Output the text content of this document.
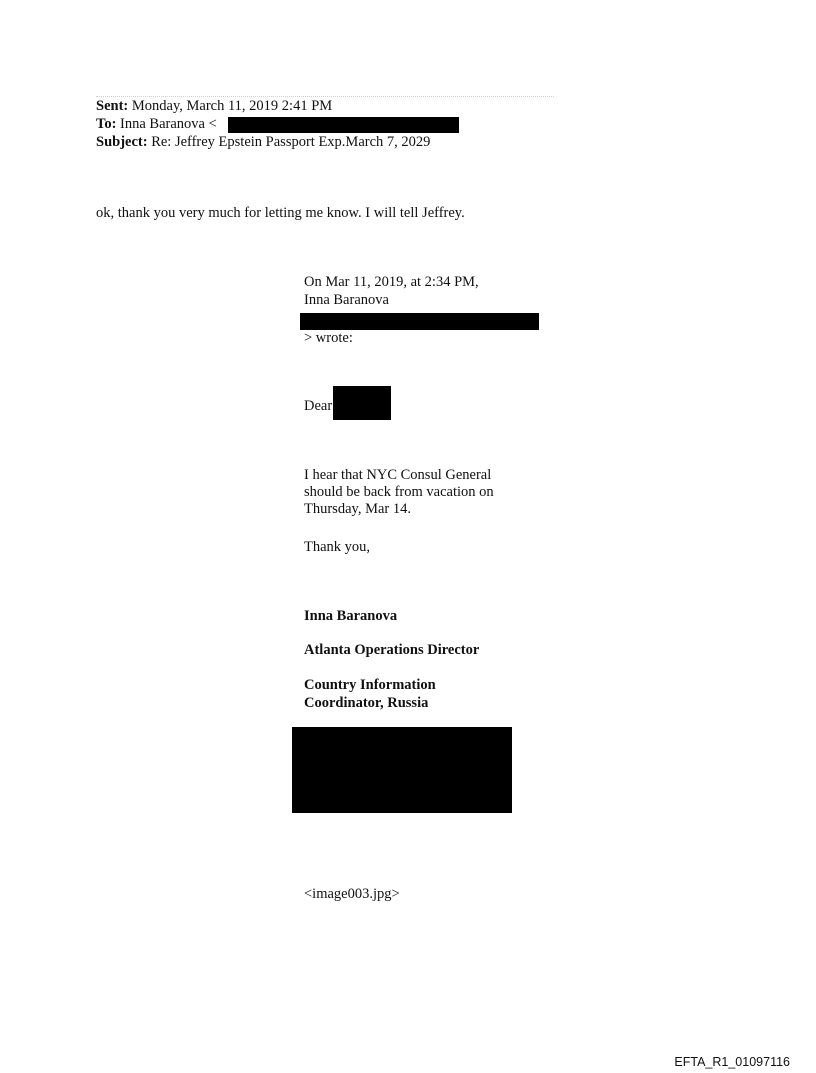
Sent: Monday, March 11, 2019 2:41 PM
To: Inna Baranova <
Subject: Re: Jeffrey Epstein Passport Exp.March 7, 2029
ok, thank you very much for letting me know. I will tell Jeffrey.
On Mar 11, 2019, at 2:34 PM,
Inna Baranova
> wrote:
Dear
I hear that NYC Consul General should be back from vacation on Thursday, Mar 14.
Thank you,
Inna Baranova
Atlanta Operations Director
Country Information
Coordinator, Russia
<image003.jpg>
EFTA_R1_01097116
